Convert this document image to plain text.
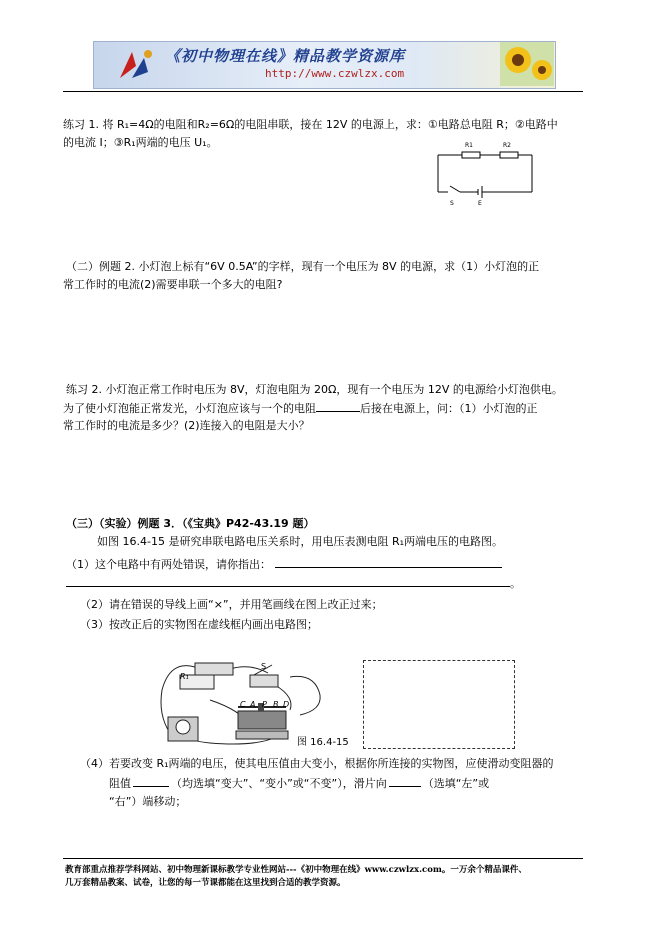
《初中物理在线》精品教学资源库
http://www.czwlzx.com
练习 1. 将 R₁=4Ω的电阻和R₂=6Ω的电阻串联，接在 12V 的电源上，求：①电路总电阻 R；②电路中
的电流 I；③R₁两端的电压 U₁。	R1	R2
S	E
（二）例题 2. 小灯泡上标有“6V 0.5A”的字样，现有一个电压为 8V 的电源，求（1）小灯泡的正
常工作时的电流(2)需要串联一个多大的电阻?
练习 2. 小灯泡正常工作时电压为 8V，灯泡电阻为 20Ω，现有一个电压为 12V 的电源给小灯泡供电。
为了使小灯泡能正常发光，小灯泡应该与一个的电阻	后接在电源上，问：（1）小灯泡的正
常工作时的电流是多少？(2)连接入的电阻是大小？
（三）（实验）例题 3．（《宝典》P42-43.19 题）
如图 16.4-15 是研究串联电路电压关系时，用电压表测电阻 R₁两端电压的电路图。
（1）这个电路中有两处错误，请你指出：
。
（2）请在错误的导线上画“×”，并用笔画线在图上改正过来；
（3）按改正后的实物图在虚线框内画出电路图；
R₁
S
C A P B D
图 16.4-15
（4）若要改变 R₁两端的电压，使其电压值由大变小，根据你所连接的实物图，应使滑动变阻器的
阻值	（均选填“变大”、“变小”或“不变”），滑片向	（选填“左”或
“右”）端移动；
教育部重点推荐学科网站、初中物理新课标教学专业性网站---《初中物理在线》www.czwlzx.com。一万余个精品课件、
几万套精品教案、试卷，让您的每一节课都能在这里找到合适的教学资源。
